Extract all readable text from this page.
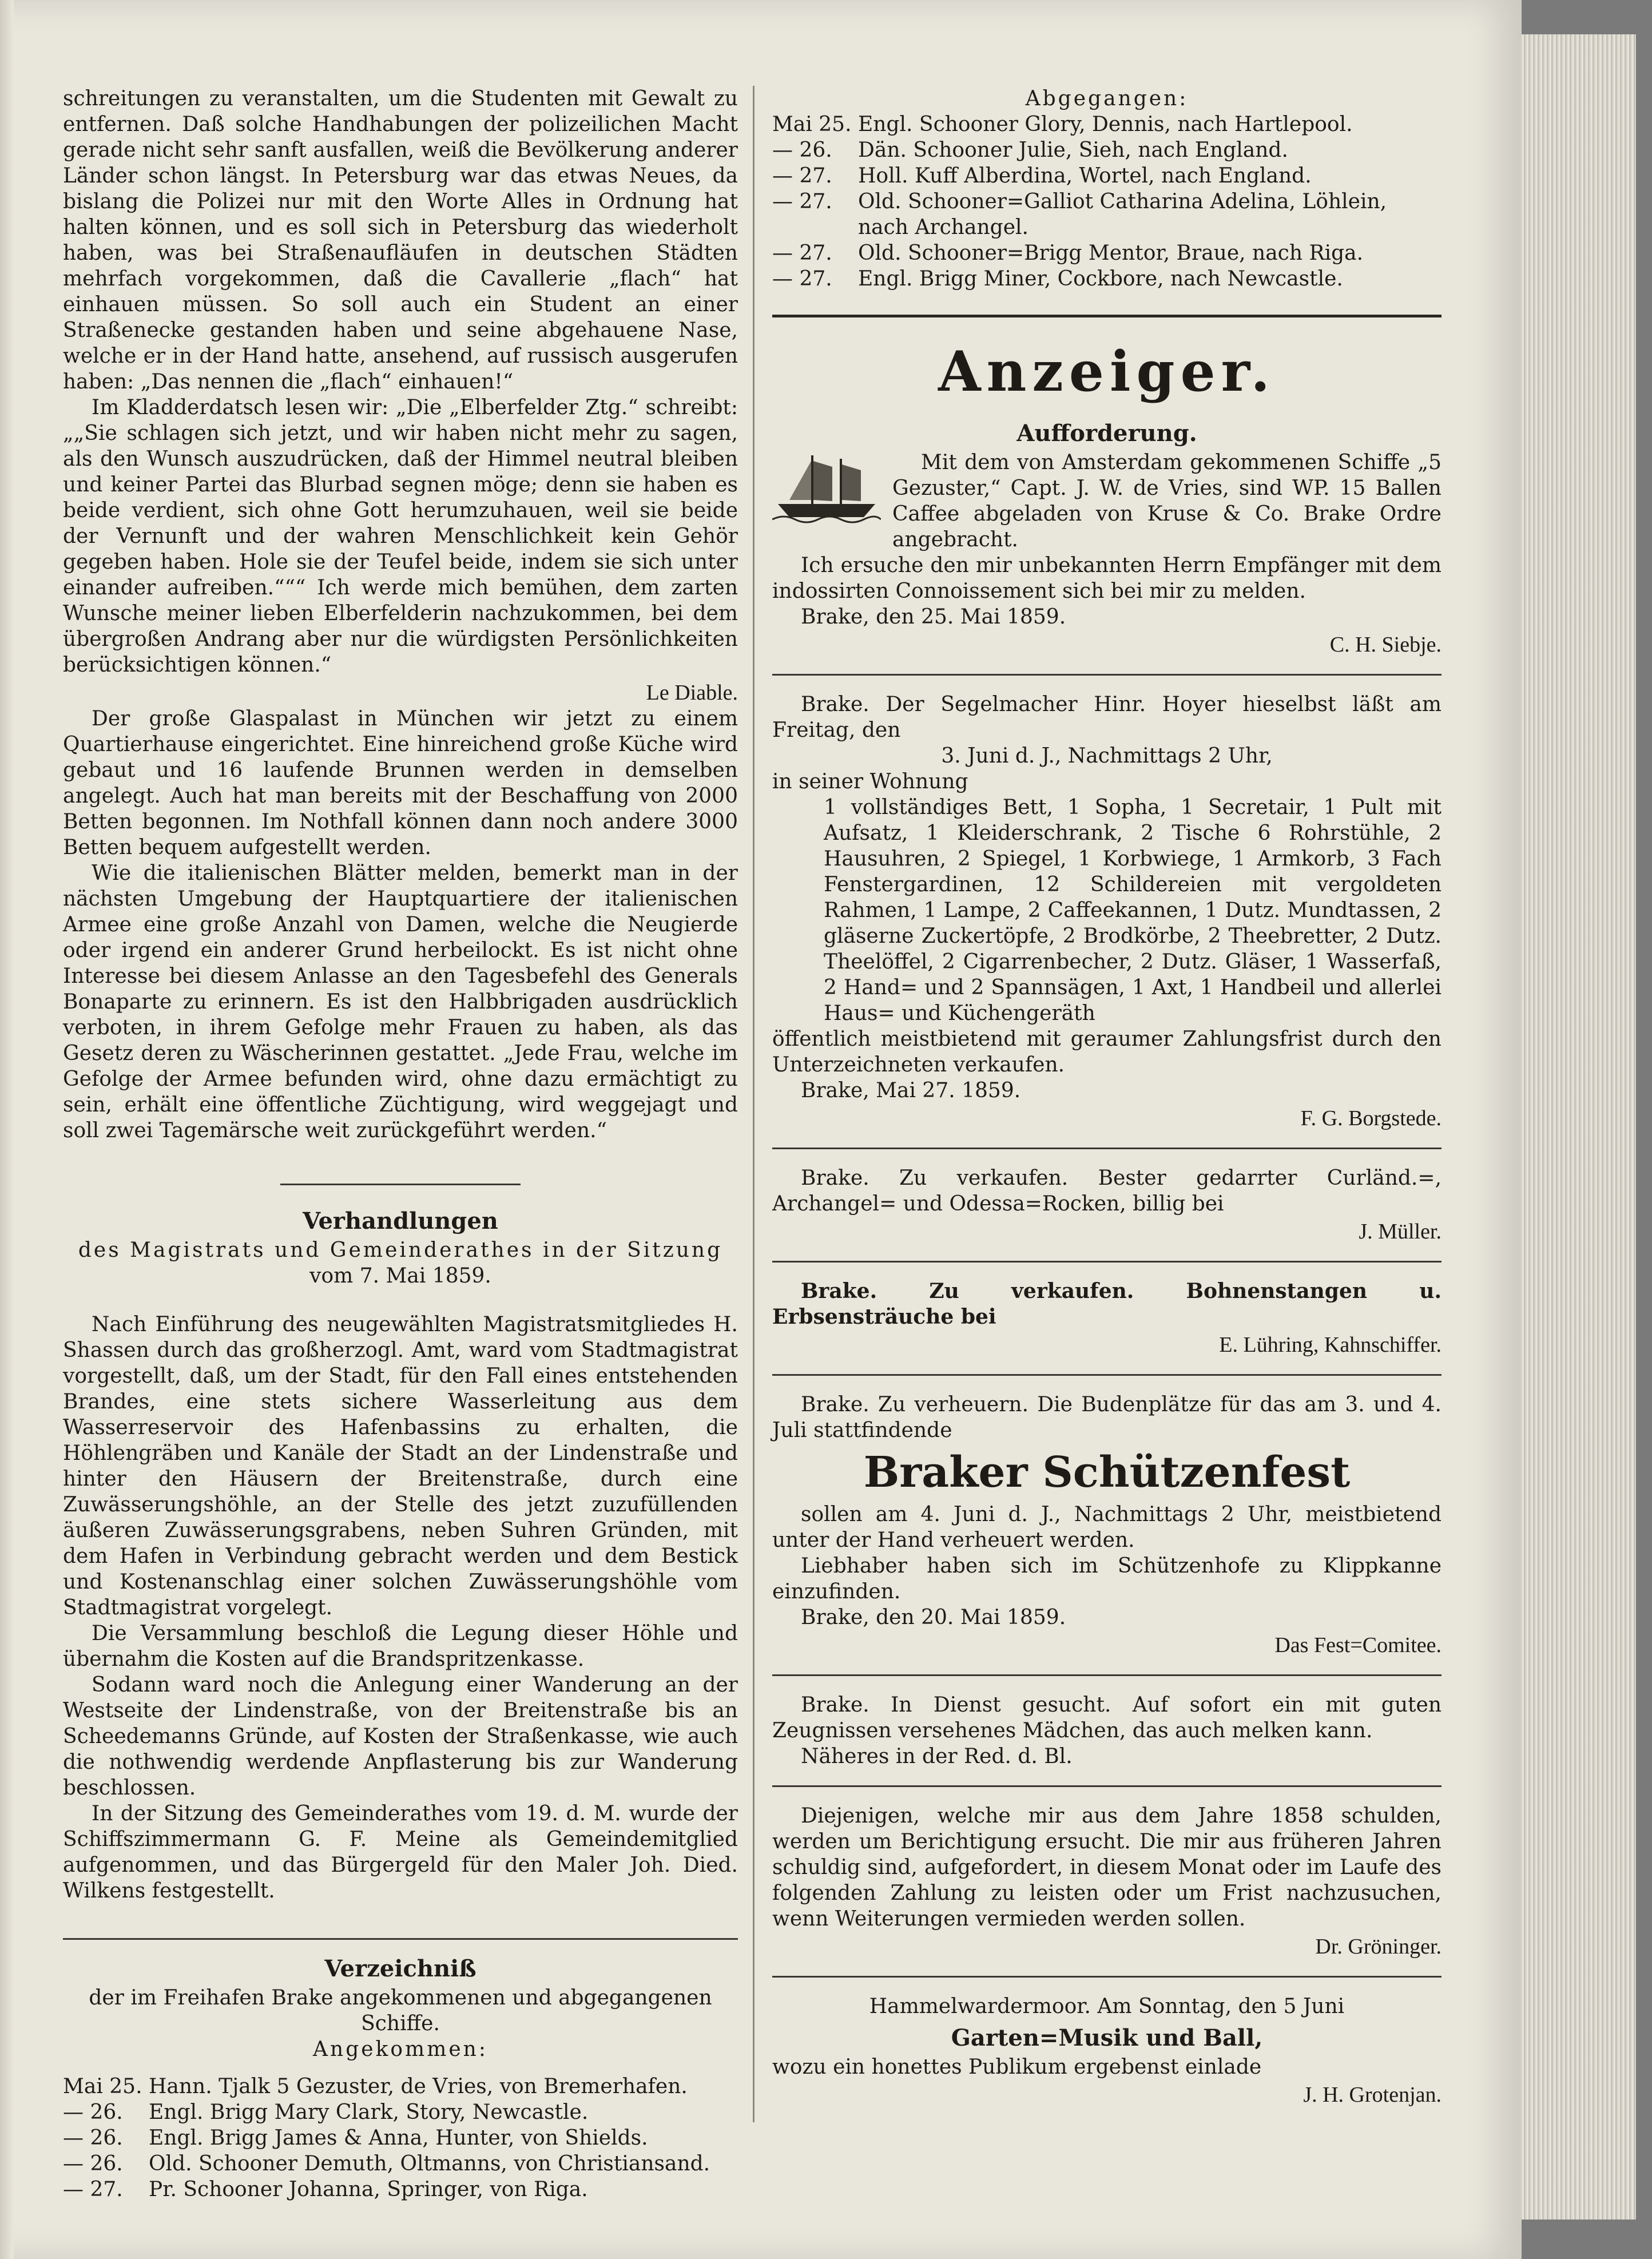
schreitungen zu veranstalten, um die Studenten mit Gewalt zu entfernen. Daß solche Handhabungen der polizeilichen Macht gerade nicht sehr sanft ausfallen, weiß die Bevölkerung anderer Länder schon längst. In Petersburg war das etwas Neues, da bislang die Polizei nur mit den Worte Alles in Ordnung hat halten können, und es soll sich in Petersburg das wiederholt haben, was bei Straßenaufläufen in deutschen Städten mehrfach vorgekommen, daß die Cavallerie „flach“ hat einhauen müssen. So soll auch ein Student an einer Straßenecke gestanden haben und seine abgehauene Nase, welche er in der Hand hatte, ansehend, auf russisch ausgerufen haben: „Das nennen die „flach“ einhauen!“

Im Kladderdatsch lesen wir: „Die „Elberfelder Ztg.“ schreibt: „„Sie schlagen sich jetzt, und wir haben nicht mehr zu sagen, als den Wunsch auszudrücken, daß der Himmel neutral bleiben und keiner Partei das Blurbad segnen möge; denn sie haben es beide verdient, sich ohne Gott herumzuhauen, weil sie beide der Vernunft und der wahren Menschlichkeit kein Gehör gegeben haben. Hole sie der Teufel beide, indem sie sich unter einander aufreiben.“““ Ich werde mich bemühen, dem zarten Wunsche meiner lieben Elberfelderin nachzukommen, bei dem übergroßen Andrang aber nur die würdigsten Persönlichkeiten berücksichtigen können.“

Le Diable.

Der große Glaspalast in München wir jetzt zu einem Quartierhause eingerichtet. Eine hinreichend große Küche wird gebaut und 16 laufende Brunnen werden in demselben angelegt. Auch hat man bereits mit der Beschaffung von 2000 Betten begonnen. Im Nothfall können dann noch andere 3000 Betten bequem aufgestellt werden.

Wie die italienischen Blätter melden, bemerkt man in der nächsten Umgebung der Hauptquartiere der italienischen Armee eine große Anzahl von Damen, welche die Neugierde oder irgend ein anderer Grund herbeilockt. Es ist nicht ohne Interesse bei diesem Anlasse an den Tagesbefehl des Generals Bonaparte zu erinnern. Es ist den Halbbrigaden ausdrücklich verboten, in ihrem Gefolge mehr Frauen zu haben, als das Gesetz deren zu Wäscherinnen gestattet. „Jede Frau, welche im Gefolge der Armee befunden wird, ohne dazu ermächtigt zu sein, erhält eine öffentliche Züchtigung, wird weggejagt und soll zwei Tagemärsche weit zurückgeführt werden.“

Verhandlungen

des Magistrats und Gemeinderathes in der Sitzung

vom 7. Mai 1859.

Nach Einführung des neugewählten Magistratsmitgliedes H. Shassen durch das großherzogl. Amt, ward vom Stadtmagistrat vorgestellt, daß, um der Stadt, für den Fall eines entstehenden Brandes, eine stets sichere Wasserleitung aus dem Wasserreservoir des Hafenbassins zu erhalten, die Höhlengräben und Kanäle der Stadt an der Lindenstraße und hinter den Häusern der Breitenstraße, durch eine Zuwässerungshöhle, an der Stelle des jetzt zuzufüllenden äußeren Zuwässerungsgrabens, neben Suhren Gründen, mit dem Hafen in Verbindung gebracht werden und dem Bestick und Kostenanschlag einer solchen Zuwässerungshöhle vom Stadtmagistrat vorgelegt.

Die Versammlung beschloß die Legung dieser Höhle und übernahm die Kosten auf die Brandspritzenkasse.

Sodann ward noch die Anlegung einer Wanderung an der Westseite der Lindenstraße, von der Breitenstraße bis an Scheedemanns Gründe, auf Kosten der Straßenkasse, wie auch die nothwendig werdende Anpflasterung bis zur Wanderung beschlossen.

In der Sitzung des Gemeinderathes vom 19. d. M. wurde der Schiffszimmermann G. F. Meine als Gemeindemitglied aufgenommen, und das Bürgergeld für den Maler Joh. Died. Wilkens festgestellt.

Verzeichniß

der im Freihafen Brake angekommenen und abgegangenen Schiffe.

Angekommen:

Mai 25. Hann. Tjalk 5 Gezuster, de Vries, von Bremerhafen.
— 26.	Engl. Brigg Mary Clark, Story, Newcastle.
— 26.	Engl. Brigg James & Anna, Hunter, von Shields.
— 26.	Old. Schooner Demuth, Oltmanns, von Christiansand.
— 27.	Pr. Schooner Johanna, Springer, von Riga.

Abgegangen:

Mai 25. Engl. Schooner Glory, Dennis, nach Hartlepool.
— 26.	Dän. Schooner Julie, Sieh, nach England.
— 27.	Holl. Kuff Alberdina, Wortel, nach England.
— 27.	Old. Schooner=Galliot Catharina Adelina, Löhlein, nach Archangel.
— 27.	Old. Schooner=Brigg Mentor, Braue, nach Riga.
— 27.	Engl. Brigg Miner, Cockbore, nach Newcastle.

Anzeiger.

Aufforderung.

Mit dem von Amsterdam gekommenen Schiffe „5 Gezuster,“ Capt. J. W. de Vries, sind WP. 15 Ballen Caffee abgeladen von Kruse & Co. Brake Ordre angebracht.

Ich ersuche den mir unbekannten Herrn Empfänger mit dem indossirten Connoissement sich bei mir zu melden.

Brake, den 25. Mai 1859.

C. H. Siebje.

Brake. Der Segelmacher Hinr. Hoyer hieselbst läßt am Freitag, den

3. Juni d. J., Nachmittags 2 Uhr,

in seiner Wohnung

1 vollständiges Bett, 1 Sopha, 1 Secretair, 1 Pult mit Aufsatz, 1 Kleiderschrank, 2 Tische 6 Rohrstühle, 2 Hausuhren, 2 Spiegel, 1 Korbwiege, 1 Armkorb, 3 Fach Fenstergardinen, 12 Schildereien mit vergoldeten Rahmen, 1 Lampe, 2 Caffeekannen, 1 Dutz. Mundtassen, 2 gläserne Zuckertöpfe, 2 Brodkörbe, 2 Theebretter, 2 Dutz. Theelöffel, 2 Cigarrenbecher, 2 Dutz. Gläser, 1 Wasserfaß, 2 Hand= und 2 Spannsägen, 1 Axt, 1 Handbeil und allerlei Haus= und Küchengeräth

öffentlich meistbietend mit geraumer Zahlungsfrist durch den Unterzeichneten verkaufen.

Brake, Mai 27. 1859.

F. G. Borgstede.

Brake. Zu verkaufen. Bester gedarrter Curländ.=, Archangel= und Odessa=Rocken, billig bei

J. Müller.

Brake. Zu verkaufen. Bohnenstangen u. Erbsensträuche bei

E. Lühring, Kahnschiffer.

Brake. Zu verheuern. Die Budenplätze für das am 3. und 4. Juli stattfindende

Braker Schützenfest

sollen am 4. Juni d. J., Nachmittags 2 Uhr, meistbietend unter der Hand verheuert werden.

Liebhaber haben sich im Schützenhofe zu Klippkanne einzufinden.

Brake, den 20. Mai 1859.

Das Fest=Comitee.

Brake. In Dienst gesucht. Auf sofort ein mit guten Zeugnissen versehenes Mädchen, das auch melken kann.

Näheres in der Red. d. Bl.

Diejenigen, welche mir aus dem Jahre 1858 schulden, werden um Berichtigung ersucht. Die mir aus früheren Jahren schuldig sind, aufgefordert, in diesem Monat oder im Laufe des folgenden Zahlung zu leisten oder um Frist nachzusuchen, wenn Weiterungen vermieden werden sollen.

Dr. Gröninger.

Hammelwardermoor. Am Sonntag, den 5 Juni

Garten=Musik und Ball,

wozu ein honettes Publikum ergebenst einlade

J. H. Grotenjan.
